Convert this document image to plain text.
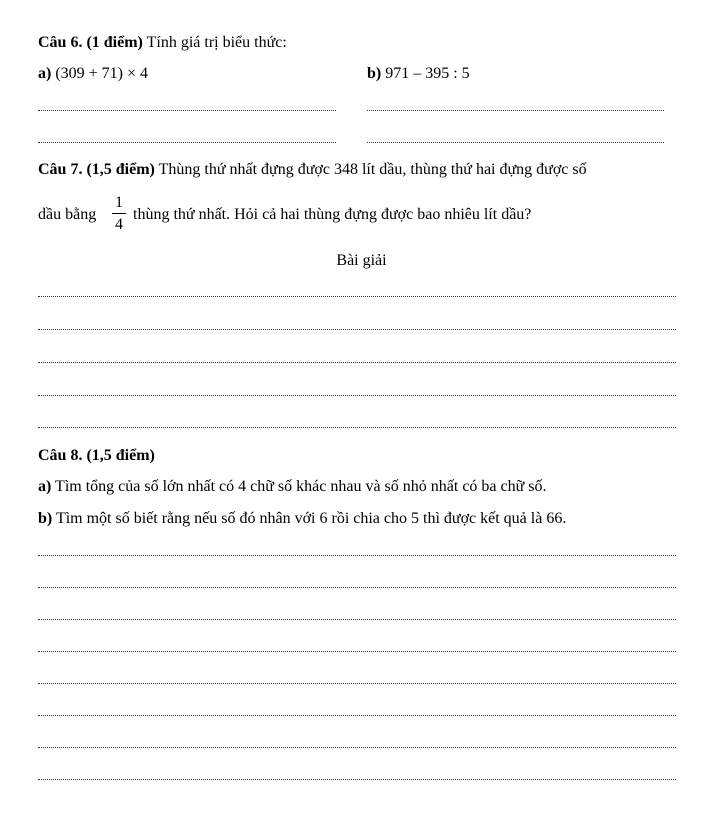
Câu 6. (1 điểm) Tính giá trị biểu thức:
a) (309 + 71) × 4	b) 971 – 395 : 5
Câu 7. (1,5 điểm) Thùng thứ nhất đựng được 348 lít dầu, thùng thứ hai đựng được số
dầu bằng
1
4
thùng thứ nhất. Hỏi cả hai thùng đựng được bao nhiêu lít dầu?
Bài giải
Câu 8. (1,5 điểm)
a) Tìm tổng của số lớn nhất có 4 chữ số khác nhau và số nhỏ nhất có ba chữ số.
b) Tìm một số biết rằng nếu số đó nhân với 6 rồi chia cho 5 thì được kết quả là 66.
